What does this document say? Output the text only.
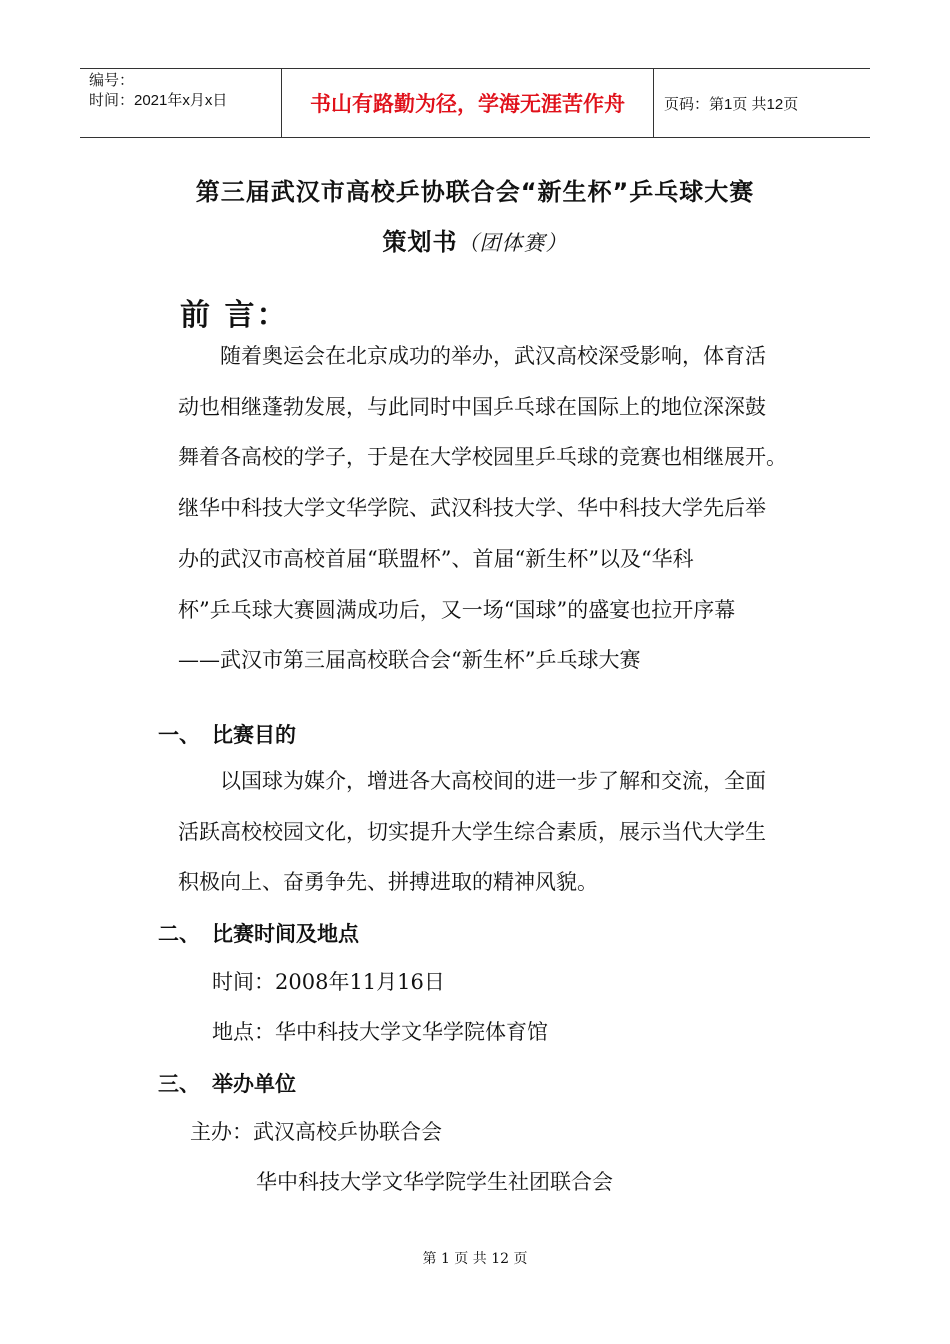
编号：
时间：2021年x月x日	书山有路勤为径，学海无涯苦作舟	页码：第1页 共12页
第三届武汉市高校乒协联合会“新生杯”乒乓球大赛
策划书（团体赛）
前 言：

　　随着奥运会在北京成功的举办，武汉高校深受影响，体育活

动也相继蓬勃发展，与此同时中国乒乓球在国际上的地位深深鼓

舞着各高校的学子，于是在大学校园里乒乓球的竞赛也相继展开。

继华中科技大学文华学院、武汉科技大学、华中科技大学先后举

办的武汉市高校首届“联盟杯”、首届“新生杯”以及“华科

杯”乒乓球大赛圆满成功后，又一场“国球”的盛宴也拉开序幕

——武汉市第三届高校联合会“新生杯”乒乓球大赛

一、 比赛目的

　　以国球为媒介，增进各大高校间的进一步了解和交流，全面

活跃高校校园文化，切实提升大学生综合素质，展示当代大学生

积极向上、奋勇争先、拼搏进取的精神风貌。

二、 比赛时间及地点
时间：2008年11月16日
地点：华中科技大学文华学院体育馆
三、 举办单位
主办：武汉高校乒协联合会
华中科技大学文华学院学生社团联合会
第 1 页 共 12 页
